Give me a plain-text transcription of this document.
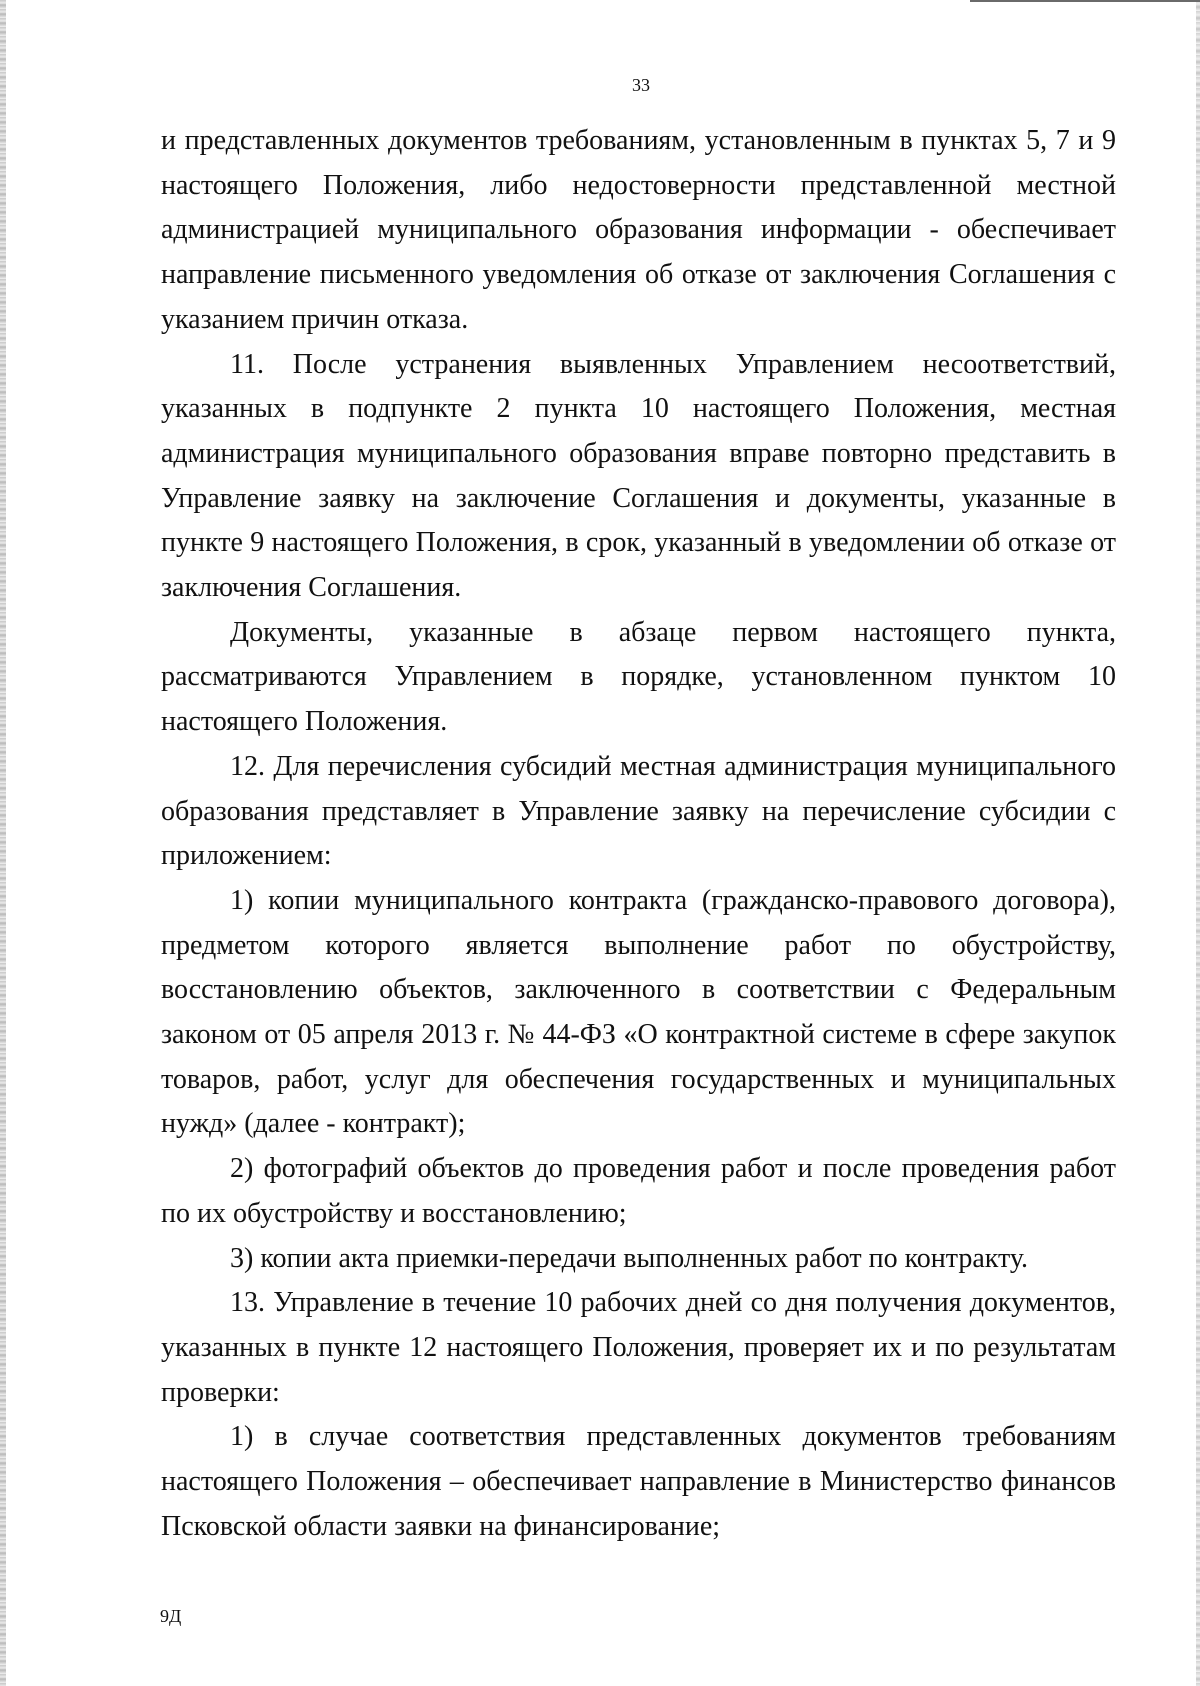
33

и представленных документов требованиям, установленным в пунктах 5, 7 и 9 настоящего Положения, либо недостоверности представленной местной администрацией муниципального образования информации - обеспечивает направление письменного уведомления об отказе от заключения Соглашения с указанием причин отказа.

11. После устранения выявленных Управлением несоответствий, указанных в подпункте 2 пункта 10 настоящего Положения, местная администрация муниципального образования вправе повторно представить в Управление заявку на заключение Соглашения и документы, указанные в пункте 9 настоящего Положения, в срок, указанный в уведомлении об отказе от заключения Соглашения.

Документы, указанные в абзаце первом настоящего пункта, рассматриваются Управлением в порядке, установленном пунктом 10 настоящего Положения.

12. Для перечисления субсидий местная администрация муниципального образования представляет в Управление заявку на перечисление субсидии с приложением:

1) копии муниципального контракта (гражданско-правового договора), предметом которого является выполнение работ по обустройству, восстановлению объектов, заключенного в соответствии с Федеральным законом от 05 апреля 2013 г. № 44-ФЗ «О контрактной системе в сфере закупок товаров, работ, услуг для обеспечения государственных и муниципальных нужд» (далее - контракт);

2) фотографий объектов до проведения работ и после проведения работ по их обустройству и восстановлению;

3) копии акта приемки-передачи выполненных работ по контракту.

13. Управление в течение 10 рабочих дней со дня получения документов, указанных в пункте 12 настоящего Положения, проверяет их и по результатам проверки:

1) в случае соответствия представленных документов требованиям настоящего Положения – обеспечивает направление в Министерство финансов Псковской области заявки на финансирование;

9Д
